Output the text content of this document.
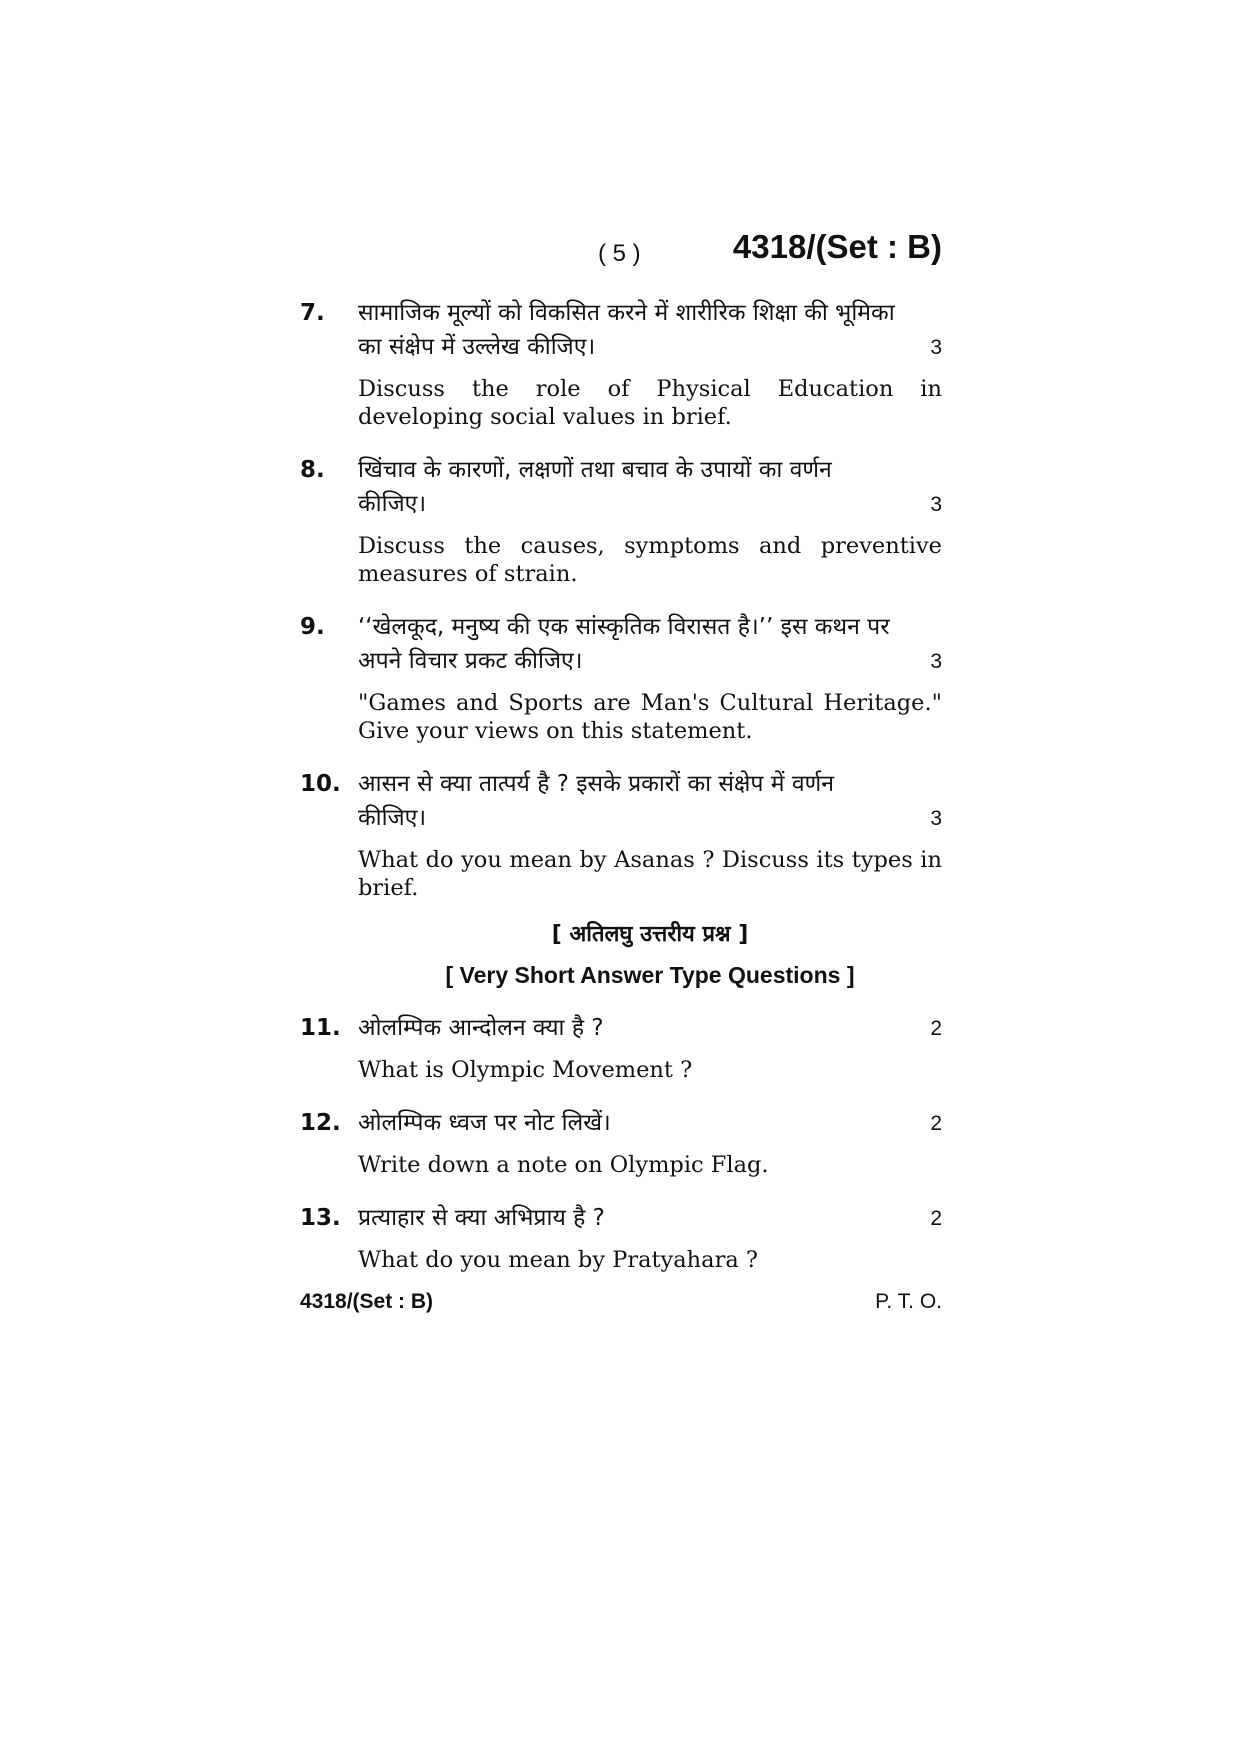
( 5 )	4318/(Set : B)
7. सामाजिक मूल्यों को विकसित करने में शारीरिक शिक्षा की भूमिका
का संक्षेप में उल्लेख कीजिए।	3
Discuss the role of Physical Education in developing social values in brief.
8. खिंचाव के कारणों, लक्षणों तथा बचाव के उपायों का वर्णन
कीजिए।	3
Discuss the causes, symptoms and preventive measures of strain.
9. ‘‘खेलकूद, मनुष्य की एक सांस्कृतिक विरासत है।’’ इस कथन पर
अपने विचार प्रकट कीजिए।	3
"Games and Sports are Man's Cultural Heritage." Give your views on this statement.
10. आसन से क्या तात्पर्य है ? इसके प्रकारों का संक्षेप में वर्णन
कीजिए।	3
What do you mean by Asanas ? Discuss its types in brief.
[ अतिलघु उत्तरीय प्रश्न ]
[ Very Short Answer Type Questions ]
11. ओलम्पिक आन्दोलन क्या है ?	2
What is Olympic Movement ?
12. ओलम्पिक ध्वज पर नोट लिखें।	2
Write down a note on Olympic Flag.
13. प्रत्याहार से क्या अभिप्राय है ?	2
What do you mean by Pratyahara ?
4318/(Set : B)	P. T. O.
